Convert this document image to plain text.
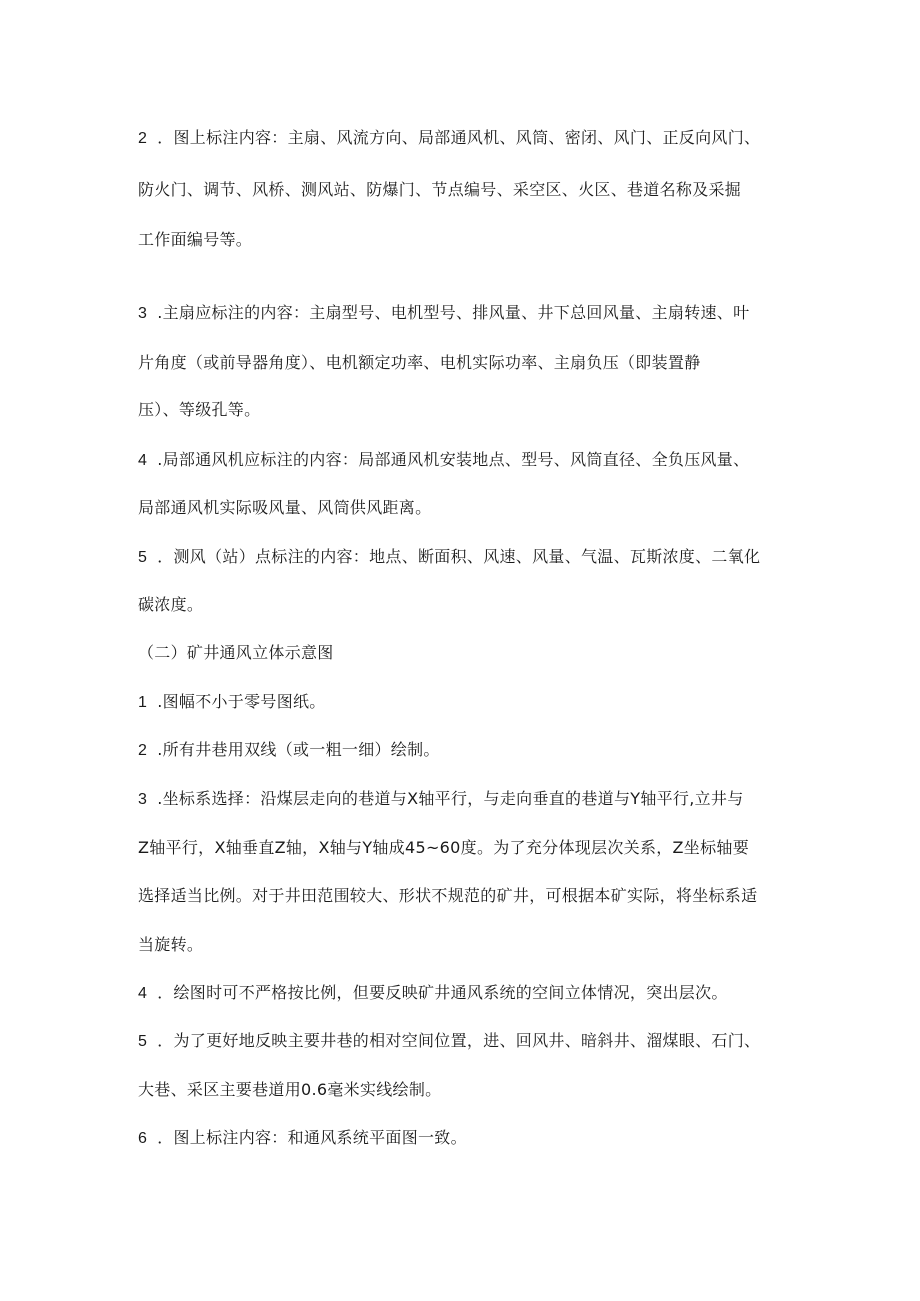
2 ．图上标注内容：主扇、风流方向、局部通风机、风筒、密闭、风门、正反向风门、
防火门、调节、风桥、测风站、防爆门、节点编号、采空区、火区、巷道名称及采掘
工作面编号等。
3 .主扇应标注的内容：主扇型号、电机型号、排风量、井下总回风量、主扇转速、叶
片角度（或前导器角度）、电机额定功率、电机实际功率、主扇负压（即装置静
压）、等级孔等。
4 .局部通风机应标注的内容：局部通风机安装地点、型号、风筒直径、全负压风量、
局部通风机实际吸风量、风筒供风距离。
5 ．测风（站）点标注的内容：地点、断面积、风速、风量、气温、瓦斯浓度、二氧化
碳浓度。
（二）矿井通风立体示意图
1 .图幅不小于零号图纸。
2 .所有井巷用双线（或一粗一细）绘制。
3 .坐标系选择：沿煤层走向的巷道与X轴平行，与走向垂直的巷道与Y轴平行,立井与
Z轴平行，X轴垂直Z轴，X轴与Y轴成45~60度。为了充分体现层次关系，Z坐标轴要
选择适当比例。对于井田范围较大、形状不规范的矿井，可根据本矿实际，将坐标系适
当旋转。
4 ．绘图时可不严格按比例，但要反映矿井通风系统的空间立体情况，突出层次。
5 ．为了更好地反映主要井巷的相对空间位置，进、回风井、暗斜井、溜煤眼、石门、
大巷、采区主要巷道用0.6毫米实线绘制。
6 ．图上标注内容：和通风系统平面图一致。
